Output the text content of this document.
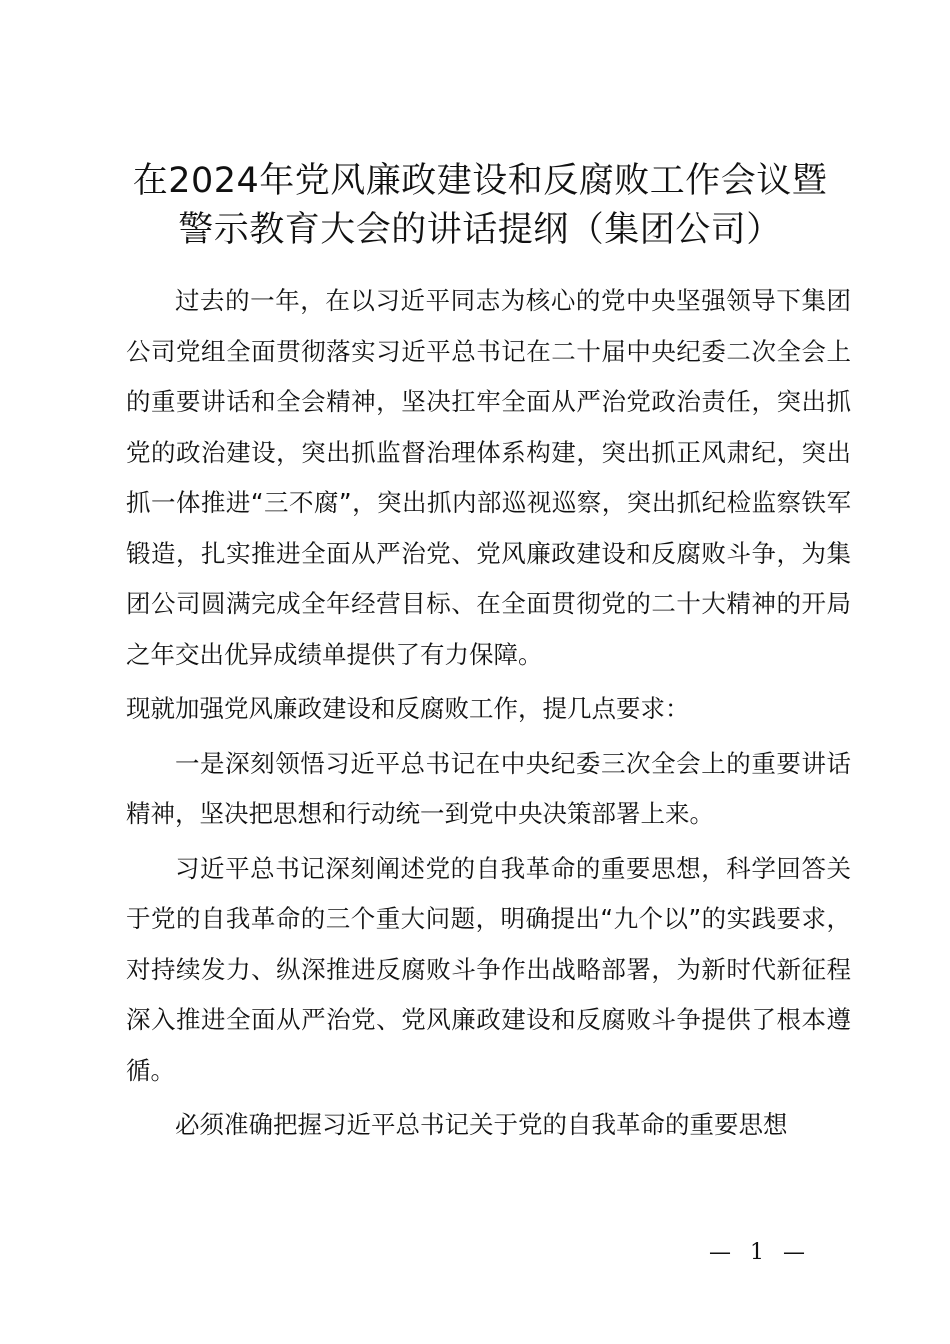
在2024年党风廉政建设和反腐败工作会议暨
警示教育大会的讲话提纲（集团公司）

过去的一年，在以习近平同志为核心的党中央坚强领导下集团公司党组全面贯彻落实习近平总书记在二十届中央纪委二次全会上的重要讲话和全会精神，坚决扛牢全面从严治党政治责任，突出抓党的政治建设，突出抓监督治理体系构建，突出抓正风肃纪，突出抓一体推进“三不腐”，突出抓内部巡视巡察，突出抓纪检监察铁军锻造，扎实推进全面从严治党、党风廉政建设和反腐败斗争，为集团公司圆满完成全年经营目标、在全面贯彻党的二十大精神的开局之年交出优异成绩单提供了有力保障。

现就加强党风廉政建设和反腐败工作，提几点要求：

一是深刻领悟习近平总书记在中央纪委三次全会上的重要讲话精神，坚决把思想和行动统一到党中央决策部署上来。

习近平总书记深刻阐述党的自我革命的重要思想，科学回答关于党的自我革命的三个重大问题，明确提出“九个以”的实践要求，对持续发力、纵深推进反腐败斗争作出战略部署，为新时代新征程深入推进全面从严治党、党风廉政建设和反腐败斗争提供了根本遵循。

必须准确把握习近平总书记关于党的自我革命的重要思想

— 1 —
